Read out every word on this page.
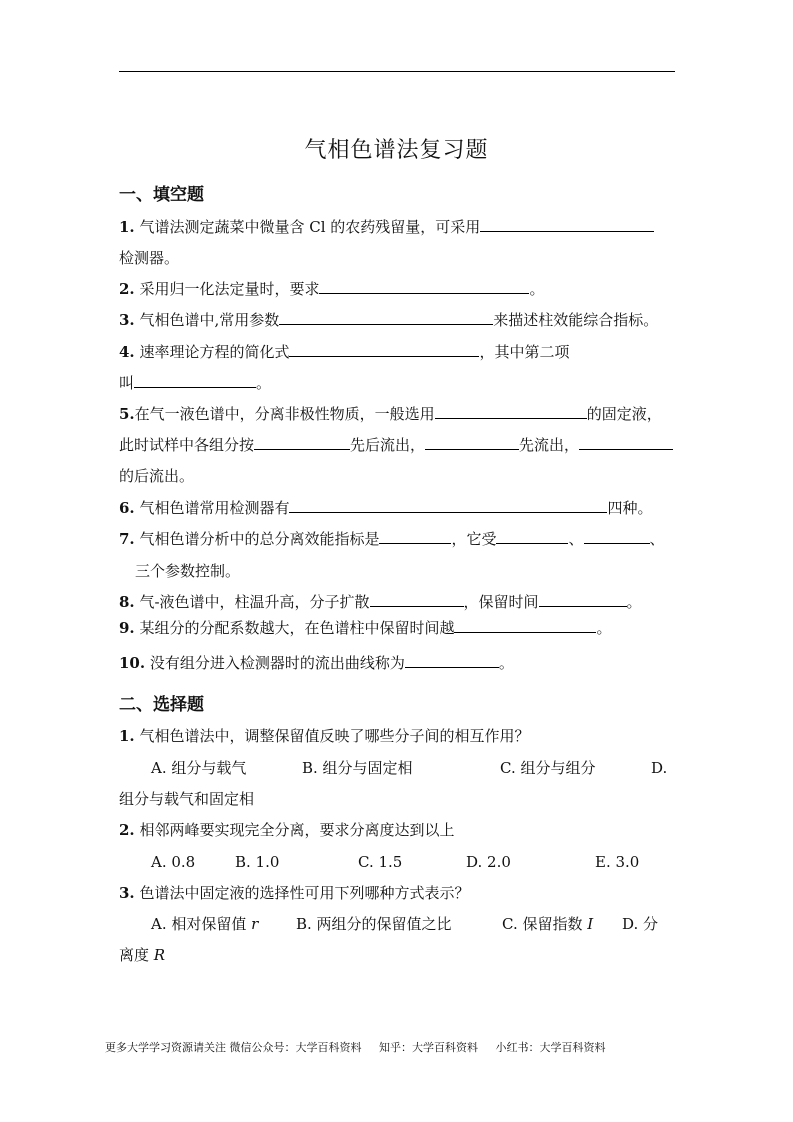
气相色谱法复习题
一、填空题
1. 气谱法测定蔬菜中微量含 Cl 的农药残留量，可采用
检测器。
2. 采用归一化法定量时，要求	。
3. 气相色谱中,常用参数	来描述柱效能综合指标。
4. 速率理论方程的简化式	，其中第二项
叫	。
5.在气一液色谱中，分离非极性物质，一般选用	的固定液，
此时试样中各组分按	先后流出，	先流出，
的后流出。
6. 气相色谱常用检测器有	四种。
7. 气相色谱分析中的总分离效能指标是	，它受	、	、
三个参数控制。
8. 气-液色谱中，柱温升高，分子扩散	，保留时间	。
9. 某组分的分配系数越大，在色谱柱中保留时间越	。
10. 没有组分进入检测器时的流出曲线称为	。
二、选择题
1. 气相色谱法中，调整保留值反映了哪些分子间的相互作用？
A. 组分与载气	B. 组分与固定相	C. 组分与组分	D.
组分与载气和固定相
2. 相邻两峰要实现完全分离，要求分离度达到以上
A. 0.8	B. 1.0	C. 1.5	D. 2.0	E. 3.0
3. 色谱法中固定液的选择性可用下列哪种方式表示？
A. 相对保留值 r	B. 两组分的保留值之比	C. 保留指数 I D. 分
离度 R
更多大学学习资源请关注 微信公众号：大学百科资料 知乎：大学百科资料 小红书：大学百科资料
